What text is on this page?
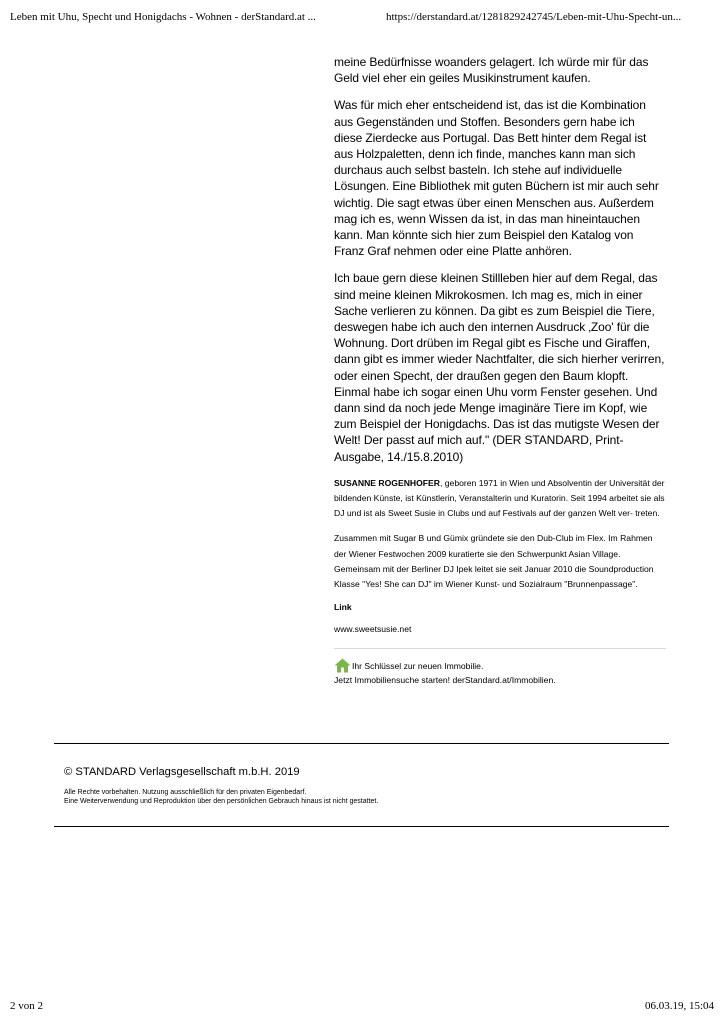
Leben mit Uhu, Specht und Honigdachs - Wohnen - derStandard.at ...	https://derstandard.at/1281829242745/Leben-mit-Uhu-Specht-un...

meine Bedürfnisse woanders gelagert. Ich würde mir für das Geld viel eher ein geiles Musikinstrument kaufen.

Was für mich eher entscheidend ist, das ist die Kombination aus Gegenständen und Stoffen. Besonders gern habe ich diese Zierdecke aus Portugal. Das Bett hinter dem Regal ist aus Holzpaletten, denn ich finde, manches kann man sich durchaus auch selbst basteln. Ich stehe auf individuelle Lösungen. Eine Bibliothek mit guten Büchern ist mir auch sehr wichtig. Die sagt etwas über einen Menschen aus. Außerdem mag ich es, wenn Wissen da ist, in das man hineintauchen kann. Man könnte sich hier zum Beispiel den Katalog von Franz Graf nehmen oder eine Platte anhören.

Ich baue gern diese kleinen Stillleben hier auf dem Regal, das sind meine kleinen Mikrokosmen. Ich mag es, mich in einer Sache verlieren zu können. Da gibt es zum Beispiel die Tiere, deswegen habe ich auch den internen Ausdruck ‚Zoo' für die Wohnung. Dort drüben im Regal gibt es Fische und Giraffen, dann gibt es immer wieder Nachtfalter, die sich hierher verirren, oder einen Specht, der draußen gegen den Baum klopft. Einmal habe ich sogar einen Uhu vorm Fenster gesehen. Und dann sind da noch jede Menge imaginäre Tiere im Kopf, wie zum Beispiel der Honigdachs. Das ist das mutigste Wesen der Welt! Der passt auf mich auf." (DER STANDARD, Print-Ausgabe, 14./15.8.2010)

SUSANNE ROGENHOFER, geboren 1971 in Wien und Absolventin der Universität der bildenden Künste, ist Künstlerin, Veranstalterin und Kuratorin. Seit 1994 arbeitet sie als DJ und ist als Sweet Susie in Clubs und auf Festivals auf der ganzen Welt ver- treten.

Zusammen mit Sugar B und Gümix gründete sie den Dub-Club im Flex. Im Rahmen der Wiener Festwochen 2009 kuratierte sie den Schwerpunkt Asian Village. Gemeinsam mit der Berliner DJ Ipek leitet sie seit Januar 2010 die Soundproduction Klasse "Yes! She can DJ" im Wiener Kunst- und Sozialraum "Brunnenpassage".

Link
www.sweetsusie.net
Ihr Schlüssel zur neuen Immobilie.
Jetzt Immobiliensuche starten! derStandard.at/Immobilien.
© STANDARD Verlagsgesellschaft m.b.H. 2019
Alle Rechte vorbehalten. Nutzung ausschließlich für den privaten Eigenbedarf.
Eine Weiterverwendung und Reproduktion über den persönlichen Gebrauch hinaus ist nicht gestattet.
2 von 2	06.03.19, 15:04
